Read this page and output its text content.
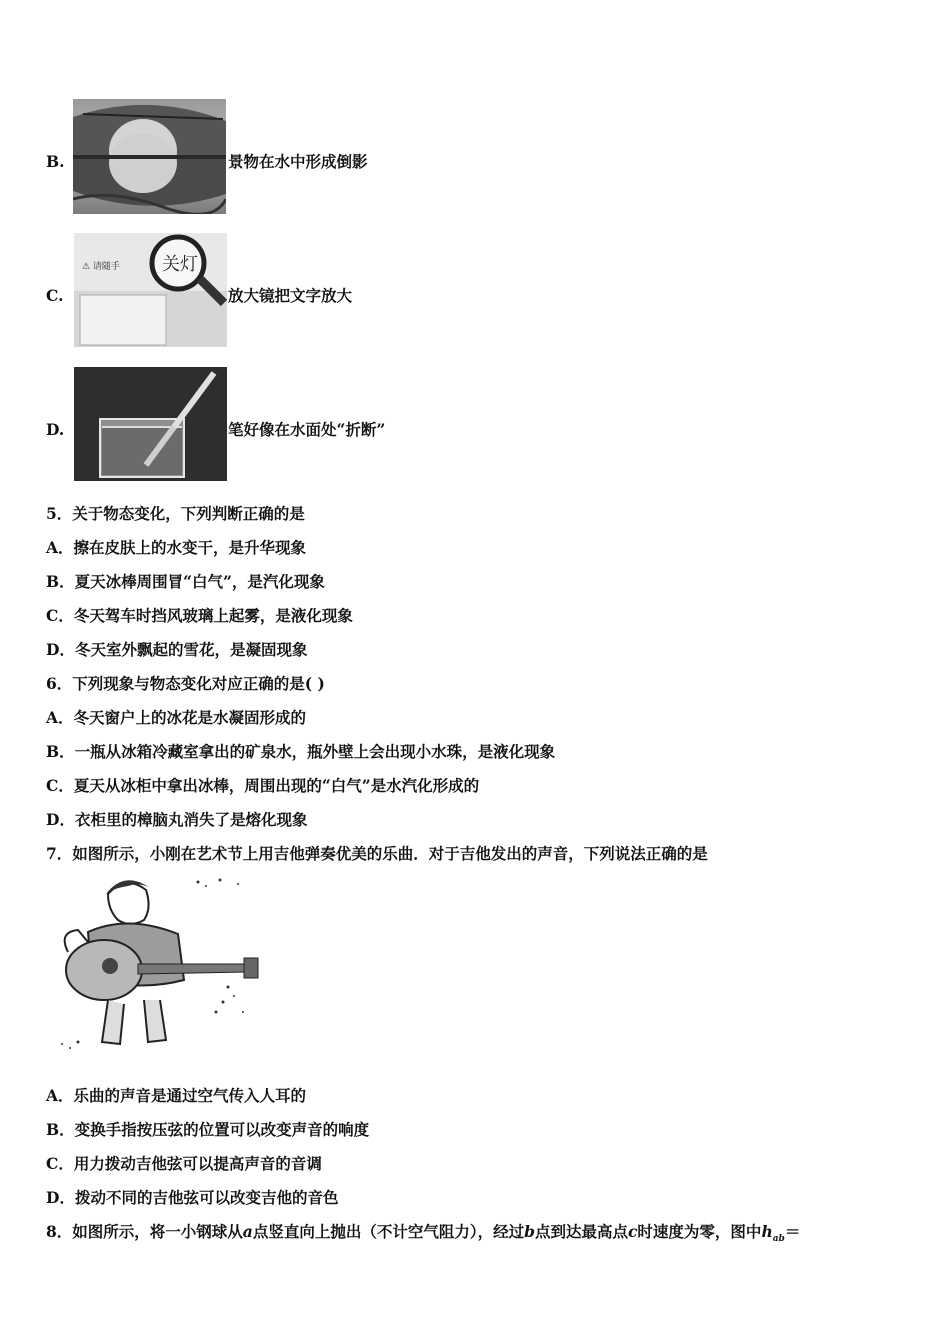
B.	景物在水中形成倒影
C.
⚠ 请随手 关灯
放大镜把文字放大
D.	笔好像在水面处“折断”
5．关于物态变化，下列判断正确的是
A．擦在皮肤上的水变干，是升华现象
B．夏天冰棒周围冒“白气”，是汽化现象
C．冬天驾车时挡风玻璃上起雾，是液化现象
D．冬天室外飘起的雪花，是凝固现象
6．下列现象与物态变化对应正确的是( )
A．冬天窗户上的冰花是水凝固形成的
B．一瓶从冰箱冷藏室拿出的矿泉水，瓶外壁上会出现小水珠，是液化现象
C．夏天从冰柜中拿出冰棒，周围出现的“白气”是水汽化形成的
D．衣柜里的樟脑丸消失了是熔化现象
7．如图所示，小刚在艺术节上用吉他弹奏优美的乐曲．对于吉他发出的声音，下列说法正确的是
A．乐曲的声音是通过空气传入人耳的
B．变换手指按压弦的位置可以改变声音的响度
C．用力拨动吉他弦可以提高声音的音调
D．拨动不同的吉他弦可以改变吉他的音色
8．如图所示，将一小钢球从a点竖直向上抛出（不计空气阻力），经过b点到达最高点c时速度为零，图中$h_{ab}=$
